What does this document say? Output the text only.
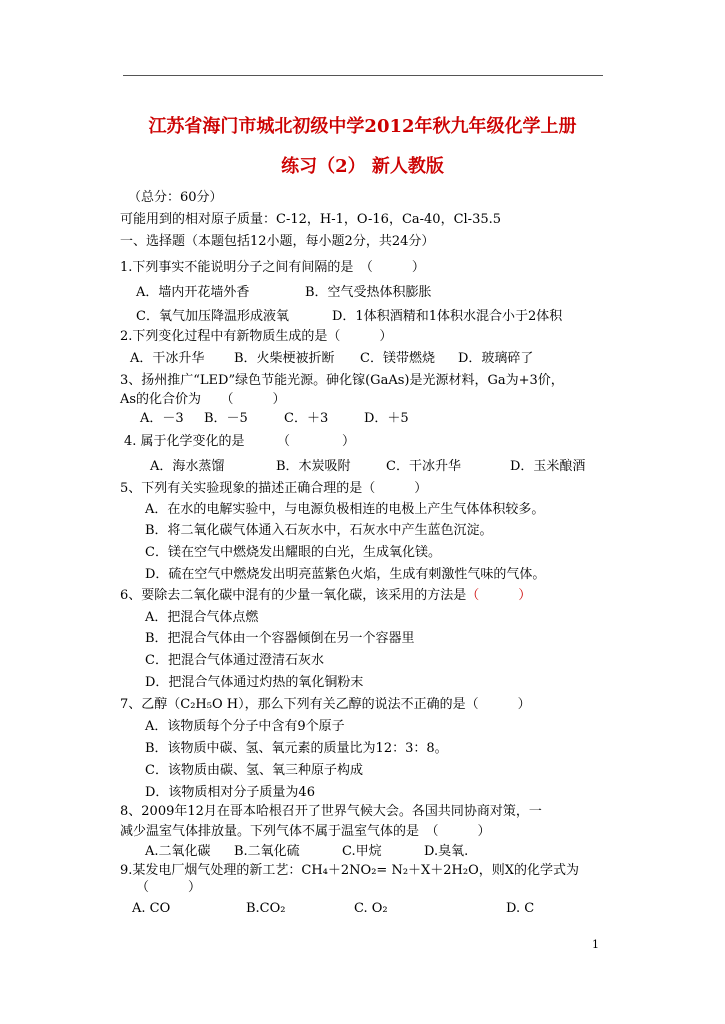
江苏省海门市城北初级中学2012年秋九年级化学上册
练习（2） 新人教版
（总分：60分）
可能用到的相对原子质量：C-12，H-1，O-16，Ca-40，Cl-35.5
一、选择题（本题包括12小题，每小题2分，共24分）
1.下列事实不能说明分子之间有间隔的是　（　　　）
A．墙内开花墙外香	B．空气受热体积膨胀
C．氧气加压降温形成液氧	D．1体积酒精和1体积水混合小于2体积
2.下列变化过程中有新物质生成的是（　　　）
A．干冰升华 B．火柴梗被折断 C．镁带燃烧 D．玻璃碎了
3、扬州推广“LED”绿色节能光源。砷化镓(GaAs)是光源材料，Ga为+3价，
As的化合价为　　（　　　）
A．－3 B．－5	C．＋3	D．＋5
4. 属于化学变化的是　　　（　　　　）
A．海水蒸馏	B．木炭吸附	C．干冰升华	D．玉米酿酒
5、下列有关实验现象的描述正确合理的是（　　　）
A．在水的电解实验中，与电源负极相连的电极上产生气体体积较多。
B．将二氧化碳气体通入石灰水中，石灰水中产生蓝色沉淀。
C．镁在空气中燃烧发出耀眼的白光，生成氧化镁。
D．硫在空气中燃烧发出明亮蓝紫色火焰，生成有刺激性气味的气体。
6、要除去二氧化碳中混有的少量一氧化碳，该采用的方法是（　　　）
A．把混合气体点燃
B．把混合气体由一个容器倾倒在另一个容器里
C．把混合气体通过澄清石灰水
D．把混合气体通过灼热的氧化铜粉末
7、乙醇（C₂H₅O H），那么下列有关乙醇的说法不正确的是（　　　）
A．该物质每个分子中含有9个原子
B．该物质中碳、氢、氧元素的质量比为12：3：8。
C．该物质由碳、氢、氧三种原子构成
D．该物质相对分子质量为46
8、2009年12月在哥本哈根召开了世界气候大会。各国共同协商对策，一
减少温室气体排放量。下列气体不属于温室气体的是　（　　　）
A.二氧化碳 B.二氧化硫	C.甲烷	D.臭氧.
9.某发电厂烟气处理的新工艺：CH₄＋2NO₂= N₂＋X＋2H₂O，则X的化学式为
（　　　）
A. CO	B.CO₂	C. O₂	D. C
1
